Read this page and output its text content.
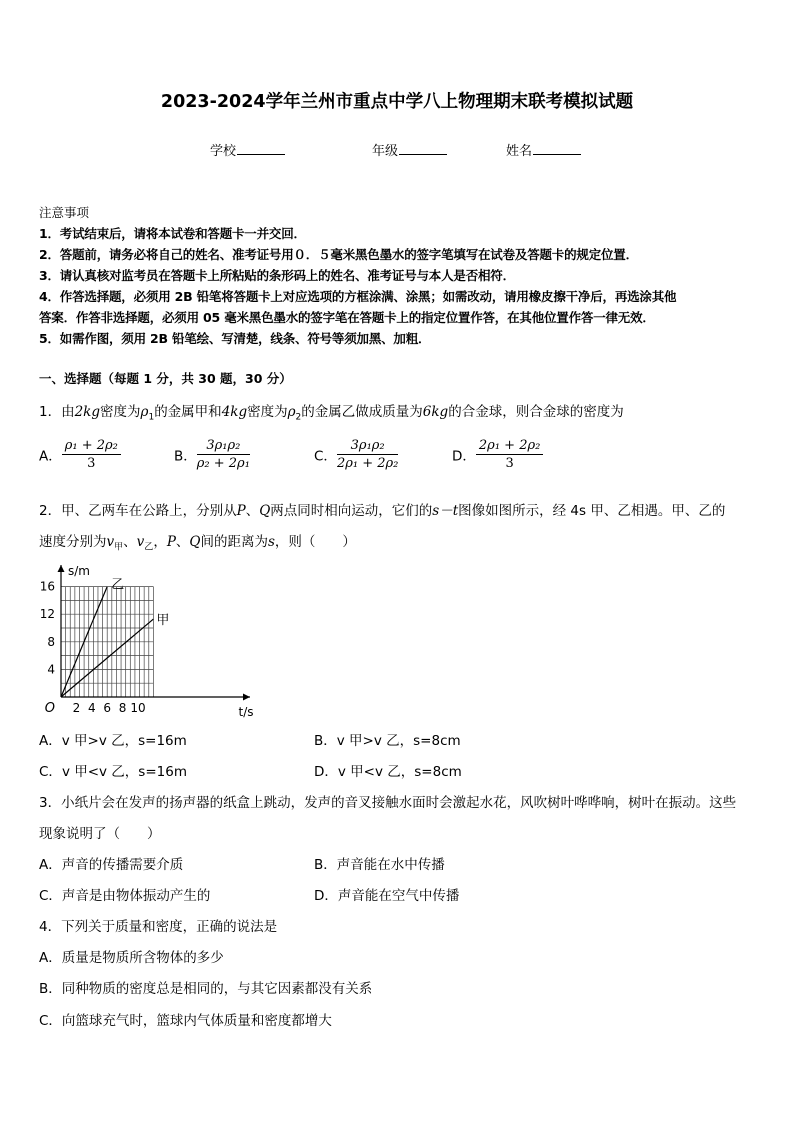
2023-2024学年兰州市重点中学八上物理期末联考模拟试题
学校	年级	姓名
注意事项
1．考试结束后，请将本试卷和答题卡一并交回．
2．答题前，请务必将自己的姓名、准考证号用０．５毫米黑色墨水的签字笔填写在试卷及答题卡的规定位置．
3．请认真核对监考员在答题卡上所粘贴的条形码上的姓名、准考证号与本人是否相符．
4．作答选择题，必须用 2B 铅笔将答题卡上对应选项的方框涂满、涂黑；如需改动，请用橡皮擦干净后，再选涂其他
答案．作答非选择题，必须用 05 毫米黑色墨水的签字笔在答题卡上的指定位置作答，在其他位置作答一律无效．
5．如需作图，须用 2B 铅笔绘、写清楚，线条、符号等须加黑、加粗．
一、选择题（每题 1 分，共 30 题，30 分）
1．由2kg密度为$\rho_1$的金属甲和4kg密度为$\rho_2$的金属乙做成质量为6kg的合金球，则合金球的密度为
A． $\frac{\text{ρ₁ + 2ρ₂}}{3}$	B． $\frac{\text{3ρ₁ρ₂}}{\text{ρ₂ + 2ρ₁}}$	C． $\frac{\text{3ρ₁ρ₂}}{\text{2ρ₁ + 2ρ₂}}$	D． $\frac{\text{2ρ₁ + 2ρ₂}}{3}$
2．甲、乙两车在公路上，分别从P、Q两点同时相向运动，它们的s－t图像如图所示，经 4s 甲、乙相遇。甲、乙的
速度分别为$v_甲$、$v_乙$，P、Q间的距离为s，则（　　）
2 4 6 8 10
4
8
12
16
O	t/s
s/m
乙
甲
A．v 甲>v 乙，s=16m	B．v 甲>v 乙，s=8cm
C．v 甲<v 乙，s=16m	D．v 甲<v 乙，s=8cm
3．小纸片会在发声的扬声器的纸盒上跳动，发声的音叉接触水面时会激起水花，风吹树叶哗哗响，树叶在振动。这些
现象说明了（　　）
A．声音的传播需要介质	B．声音能在水中传播
C．声音是由物体振动产生的	D．声音能在空气中传播
4．下列关于质量和密度，正确的说法是
A．质量是物质所含物体的多少
B．同种物质的密度总是相同的，与其它因素都没有关系
C．向篮球充气时，篮球内气体质量和密度都增大
